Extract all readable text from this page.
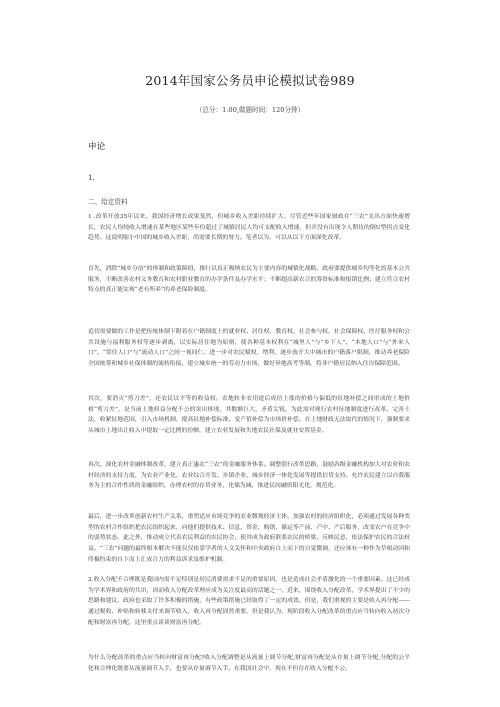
2014年国家公务员申论模拟试卷989
（总分：1.00,做题时间：120分钟）
申论
1.
二、给定资料

1 .改革开放35年以来，我国经济增长成果斐然，但城乡收入差距持续扩大。尽管近些年国家财政在“三农”支出方面快速增长，农民人均纯收入增速在某些地区某些年份超过了城镇居民人均可支配收入增速，但并没有出现令人期待的倒U型拐点变化趋势。这说明缩小中国的城乡收入差距，尚需要长期的努力。笔者以为，可以从以下方面深化改革。

首先，消除“城乡分治”的体制和政策障碍，推行以真正吸纳农民为主要内容的城镇化战略。政府要提供城乡均等化的基本公共服务，不断改善农村义务教育和农村职业教育的办学条件及办学水平；不断提高新农合的筹资标准和报销比例；建立符合农村特点的真正能实现“老有所养”的养老保险制度。

追切需要做的工作是把传统体制下附着在户籍制度上的就业权、居住权、教育权、社会参与权、社会保障权、医疗服务权和公共设施与福利服务权等逐步剥离，以实际居住地为原则，使各种基本权利在“城里人”与“乡下人”、“本地人口”与“外来人口”、“常住人口”与“流动人口”之间一视同仁。进一步对农民赋权、增利。逐步放开大中城市的户籍落户限制，推动养老保险全国统筹和城乡社保体制的流转衔接，建立城乡统一的劳动力市场，做好异地高考等制，将非户籍居民纳入住房保障范围。

其次，要消灭“剪刀差”，还农民以平等的收益权。农地转非农用途后成倍上涨的价格与偏低的征地补偿之间形成的土地价格“剪刀差”，是当前土地权益分配不公的突出体现，其数额巨大，矛盾尖锐。为此需对现行农村征地制度进行改革。完善土法，收紧征地范围，引入市场机制，提高征地补偿标准，变产值补偿为市场价补偿。在土地财政无法取代的情况下，强制要求从城市土地出让收入中提取一定比例的份额，建立农业发展和失地农民社保及就业安置基金。

再次，深化农村金融体制改革，建立真正惠农“三农”的金融服务体系。调整银行改革思路，鼓励各级金融机构加大对农业和农村经济的支持力度，为农业产业化、农业综合开发、乡镇企业、城乡经济一体化发展等提供信贷支持。允许农民建立以自我服务为主的合作性质的金融组织，办理农村的存贷业务，化储为减，推进民间融资阳光化，规范化。

最后，进一步改革创新农村生产关系，重塑适应市场竞争的农业微观经济主体。加强农村的经济组织化，必须通过发展各种类型的农村合作组织把农民组织起来，向他们提供技术、信息、资金、购销、储运等产前、产中、产后服务，改变农户在竞争中的弱势状态。此之外，推动成立代表农民利益的农民协会，使其成为政府联系农民的桥梁，反映民意，依法保护农民的合法权益。“三农”问题的最终根本解决不能仅仅依靠学者的人文关怀和中央政府自上而下的自觉微调，还应该有一种作为草根动因和终极约束的自下而上汇成合力的利益诉求及维护机制。

2.收入分配不合理既是我国内需不足特别是居民消费需求不足的重要原因，也是造成社会矛盾激化的一个重要因素。这已经成为学术界和政府的共识，因而收入分配改革理应成为关注度最高的话题之一。近来，围绕收入分配改革，学术界提出了不少的思路和建议，政府也采取了许多积极的措施，有些政策措施已经取得了一定的成效。但是，我们重视的主要是收入再分配——通过税收、补贴和转移支付来调节收入，收入再分配固然重要，但是我认为，现阶段收入分配改革的重点应当转向收入初次分配和财富再分配，这里重点谈谈财富再分配。

为什么分配改革的重点应当转向财富再分配?收入分配调整是从流量上调节分配,财富再分配是从存量上调节分配,分配的公平化和合理化既要从流量调节入手，也要从存量调节入手。在我国社会中，现在不但存在收入分配不公、
